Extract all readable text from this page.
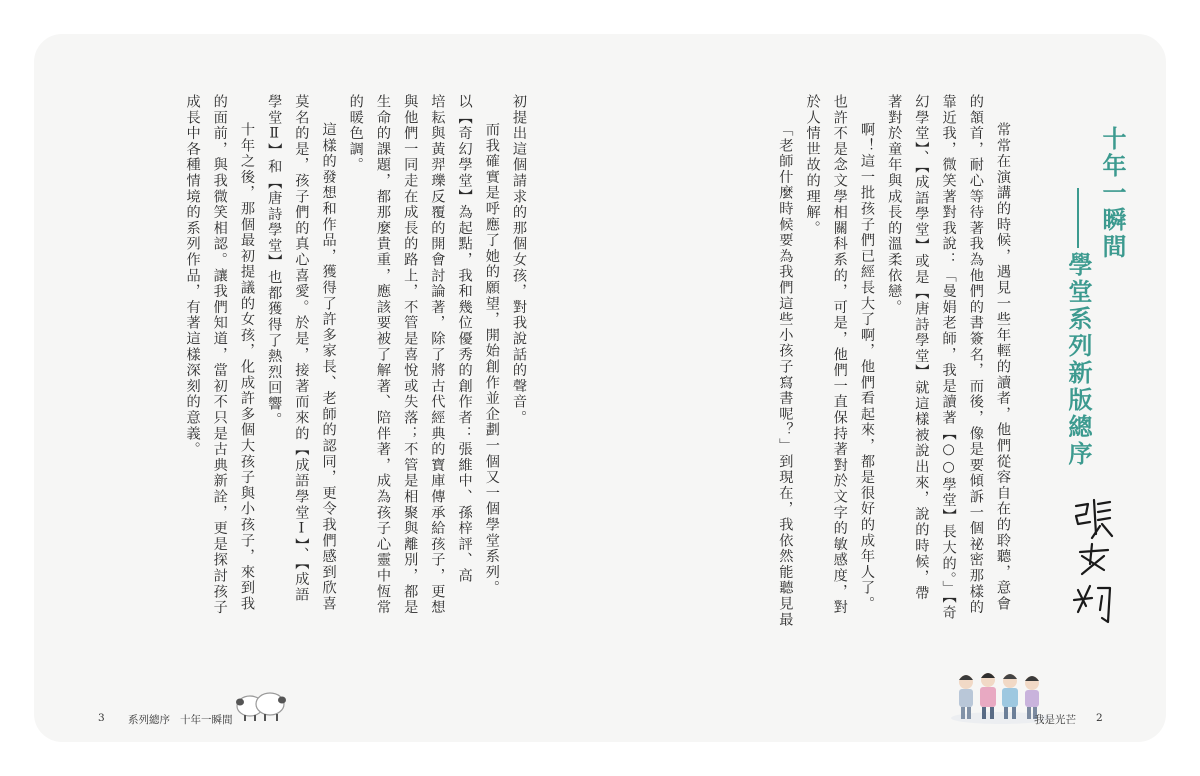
十年一瞬間
學堂系列新版總序

常常在演講的時候，遇見一些年輕的讀者，他們從容自在的聆聽，意會

的頷首，耐心等待著我為他們的書簽名，而後，像是要傾訴一個祕密那樣的

靠近我，微笑著對我說：「曼娟老師，我是讀著【○○學堂】長大的。」【奇

幻學堂】、【成語學堂】或是【唐詩學堂】就這樣被說出來，說的時候，帶

著對於童年與成長的溫柔依戀。

啊！這一批孩子們已經長大了啊，他們看起來，都是很好的成年人了。

也許不是念文學相關科系的，可是，他們一直保持著對於文字的敏感度，對

於人情世故的理解。

「老師什麼時候要為我們這些小孩子寫書呢？」到現在，我依然能聽見最

我是光芒 2

初提出這個請求的那個女孩，對我說話的聲音。

而我確實是呼應了她的願望，開始創作並企劃一個又一個學堂系列。

以【奇幻學堂】為起點，我和幾位優秀的創作者：張維中、孫梓評、高

培耘與黃羿瓅反覆的開會討論著，除了將古代經典的寶庫傳承給孩子，更想

與他們一同走在成長的路上，不管是喜悅或失落；不管是相聚與離別，都是

生命的課題，都那麼貴重，應該要被了解著、陪伴著，成為孩子心靈中恆常

的暖色調。

這樣的發想和作品，獲得了許多家長、老師的認同，更令我們感到欣喜

莫名的是，孩子們的真心喜愛。於是，接著而來的【成語學堂Ⅰ】、【成語

學堂Ⅱ】和【唐詩學堂】也都獲得了熱烈回響。

十年之後，那個最初提議的女孩，化成許多個大孩子與小孩子，來到我

的面前，與我微笑相認。讓我們知道，當初不只是古典新詮，更是探討孩子

成長中各種情境的系列作品，有著這樣深刻的意義。

3 系列總序 十年一瞬間
